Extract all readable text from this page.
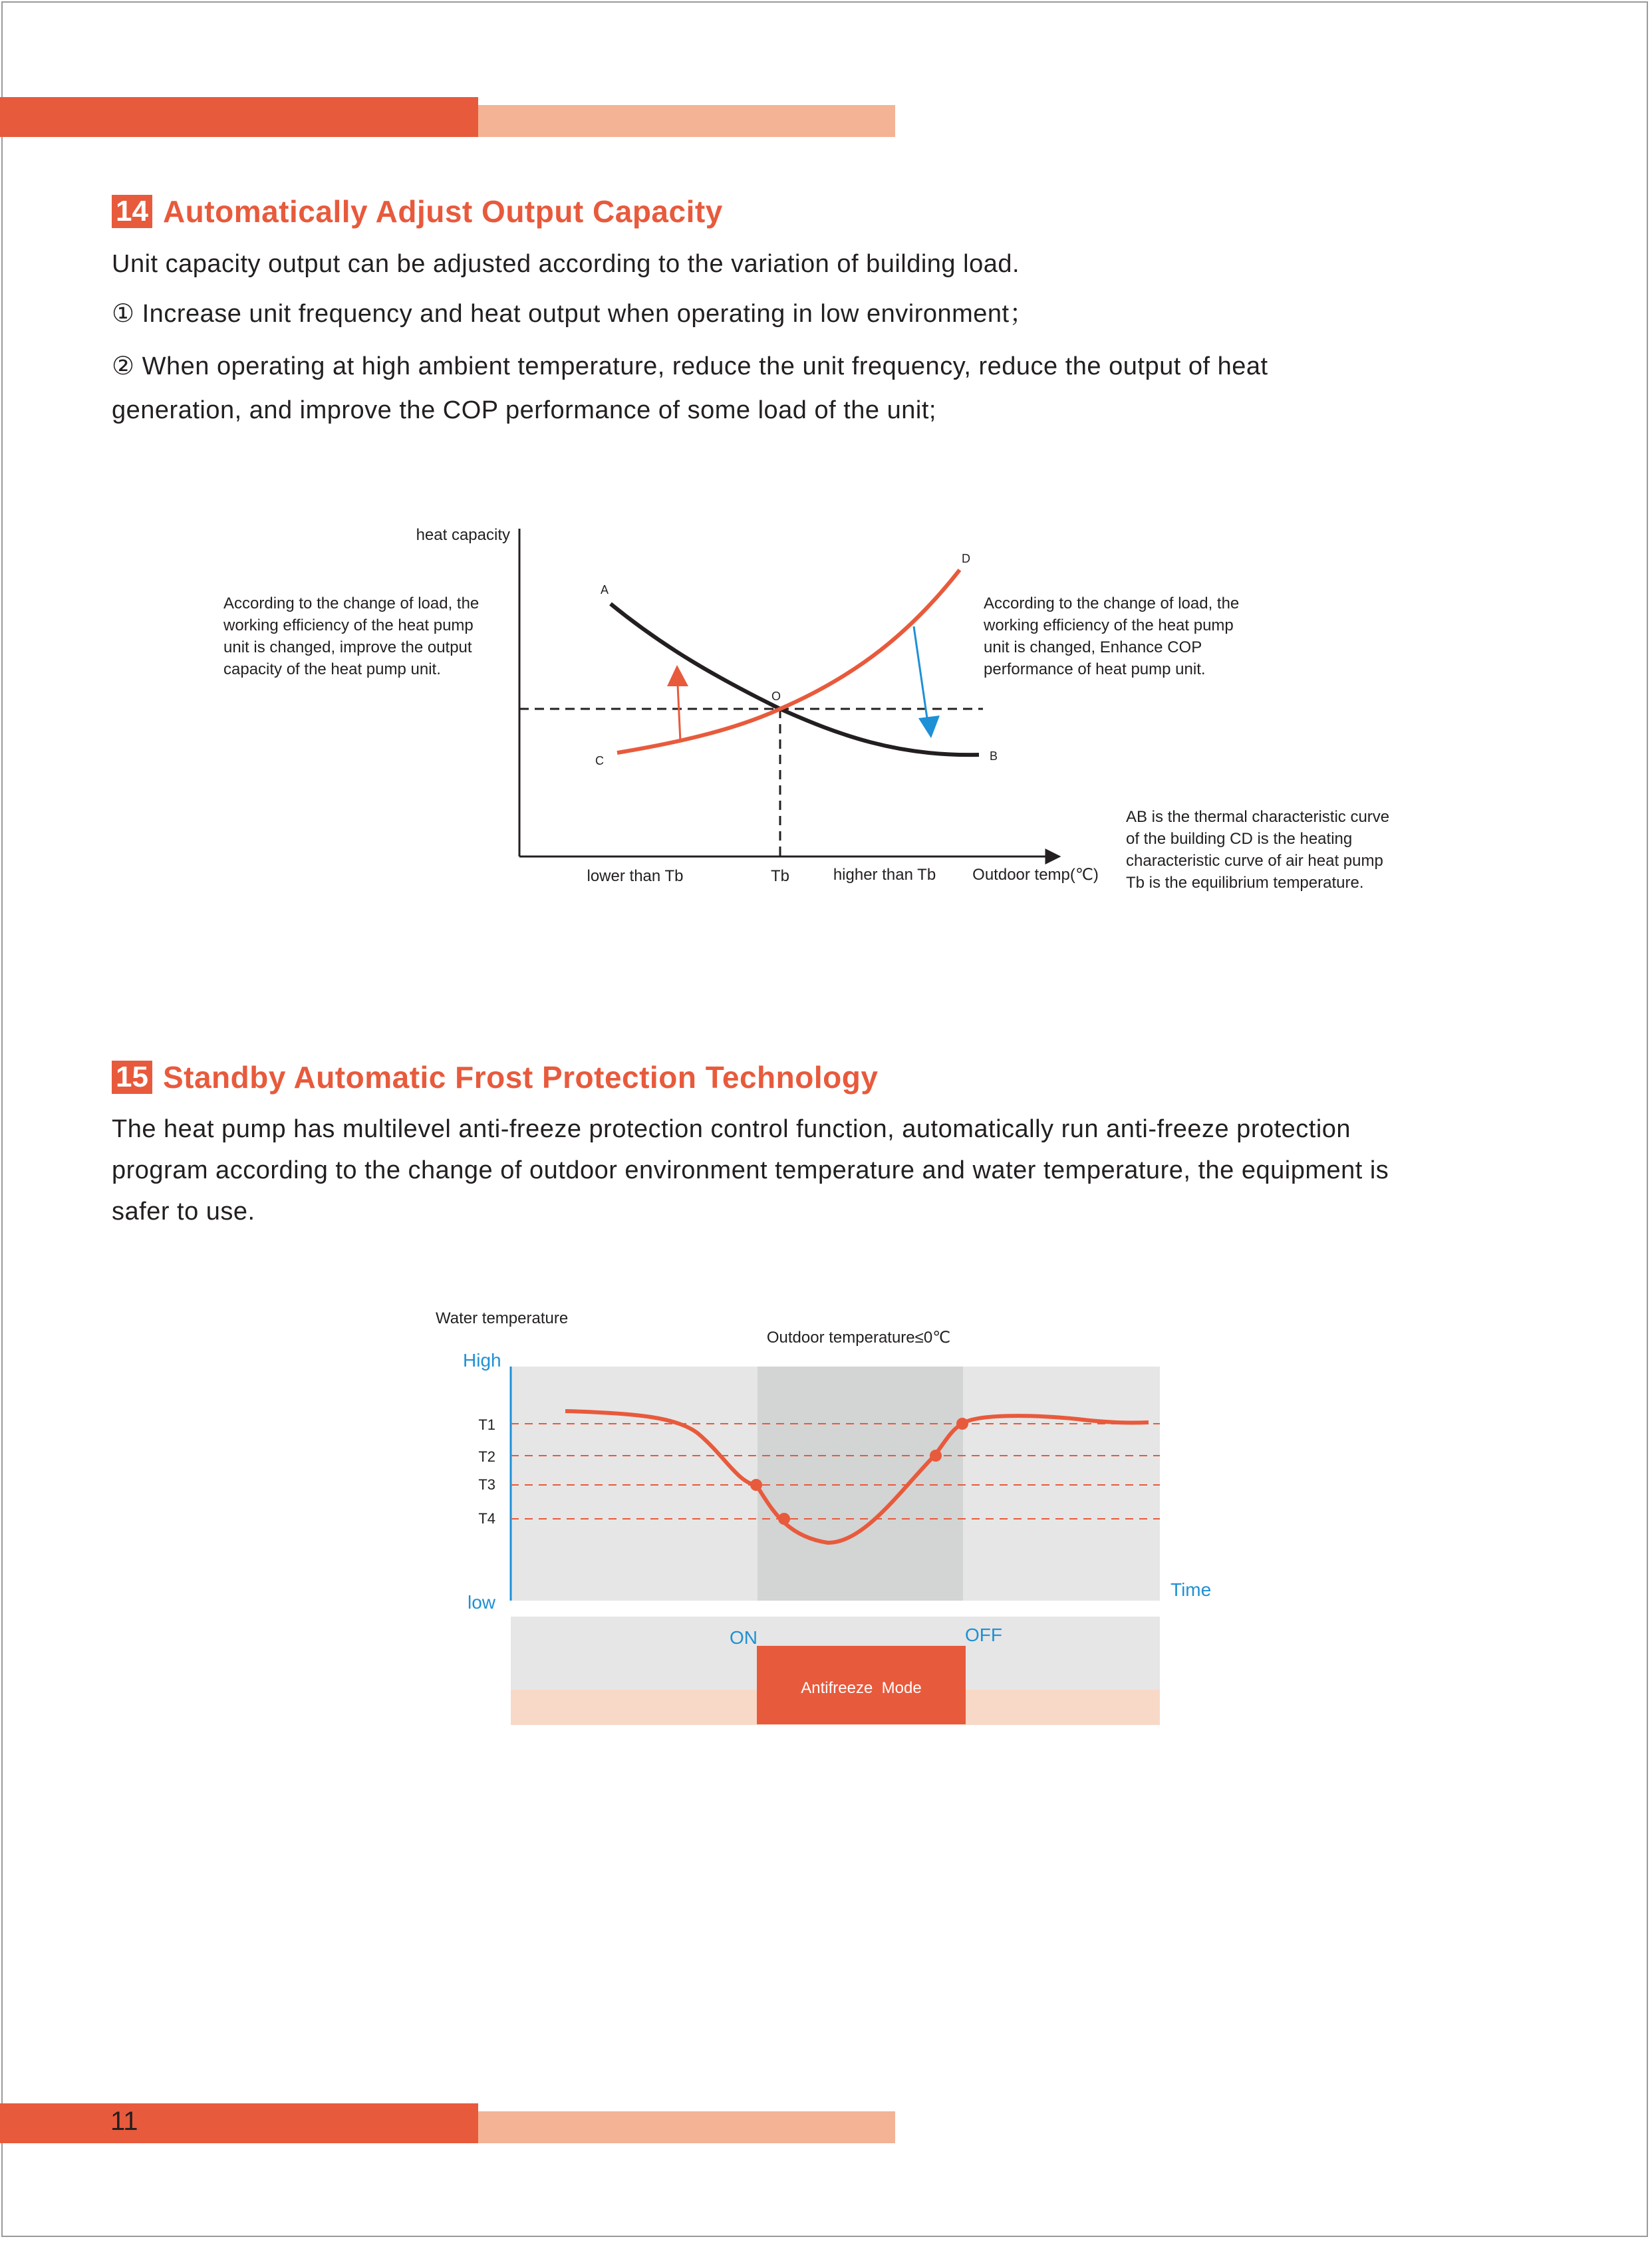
14 Automatically Adjust Output Capacity
Unit capacity output can be adjusted according to the variation of building load.
① Increase unit frequency and heat output when operating in low environment；
② When operating at high ambient temperature, reduce the unit frequency, reduce the output of heat
generation, and improve the COP performance of some load of the unit;
According to the change of load, the
working efficiency of the heat pump
unit is changed, improve the output
capacity of the heat pump unit.
According to the change of load, the
working efficiency of the heat pump
unit is changed, Enhance COP
performance of heat pump unit.
AB is the thermal characteristic curve
of the building CD is the heating
characteristic curve of air heat pump
Tb is the equilibrium temperature.
heat capacity
A
B
C
D
O
lower than Tb	Tb	higher than Tb Outdoor temp(℃)
15 Standby Automatic Frost Protection Technology
The heat pump has multilevel anti-freeze protection control function, automatically run anti-freeze protection
program according to the change of outdoor environment temperature and water temperature, the equipment is
safer to use.
Water temperature
Outdoor temperature≤0℃
High
low
Time
T1
T2
T3
T4
ON	OFF
Antifreeze  Mode
11
